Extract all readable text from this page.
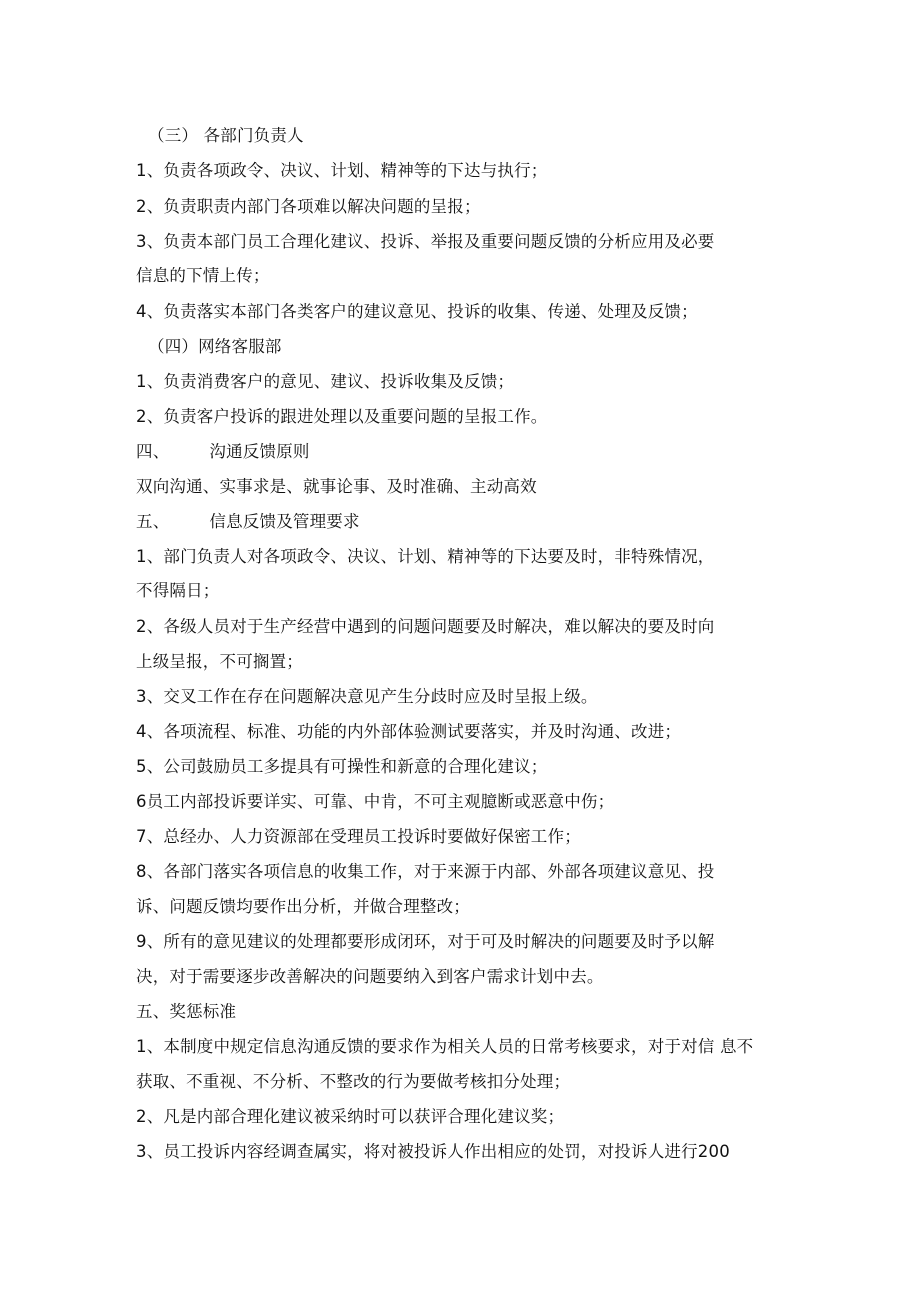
（三） 各部门负责人
1、负责各项政令、决议、计划、精神等的下达与执行；
2、负责职责内部门各项难以解决问题的呈报；
3、负责本部门员工合理化建议、投诉、举报及重要问题反馈的分析应用及必要
信息的下情上传；
4、负责落实本部门各类客户的建议意见、投诉的收集、传递、处理及反馈；
（四）网络客服部
1、负责消费客户的意见、建议、投诉收集及反馈；
2、负责客户投诉的跟进处理以及重要问题的呈报工作。
四、 沟通反馈原则
双向沟通、实事求是、就事论事、及时准确、主动高效
五、 信息反馈及管理要求
1、部门负责人对各项政令、决议、计划、精神等的下达要及时，非特殊情况，
不得隔日；
2、各级人员对于生产经营中遇到的问题问题要及时解决，难以解决的要及时向
上级呈报，不可搁置；
3、交叉工作在存在问题解决意见产生分歧时应及时呈报上级。
4、各项流程、标准、功能的内外部体验测试要落实，并及时沟通、改进；
5、公司鼓励员工多提具有可操性和新意的合理化建议；
6员工内部投诉要详实、可靠、中肯，不可主观臆断或恶意中伤；
7、总经办、人力资源部在受理员工投诉时要做好保密工作；
8、各部门落实各项信息的收集工作，对于来源于内部、外部各项建议意见、投
诉、问题反馈均要作出分析，并做合理整改；
9、所有的意见建议的处理都要形成闭环，对于可及时解决的问题要及时予以解
决，对于需要逐步改善解决的问题要纳入到客户需求计划中去。
五、奖惩标准
1、本制度中规定信息沟通反馈的要求作为相关人员的日常考核要求，对于对信 息不
获取、不重视、不分析、不整改的行为要做考核扣分处理；
2、凡是内部合理化建议被采纳时可以获评合理化建议奖；
3、员工投诉内容经调查属实，将对被投诉人作出相应的处罚，对投诉人进行200
